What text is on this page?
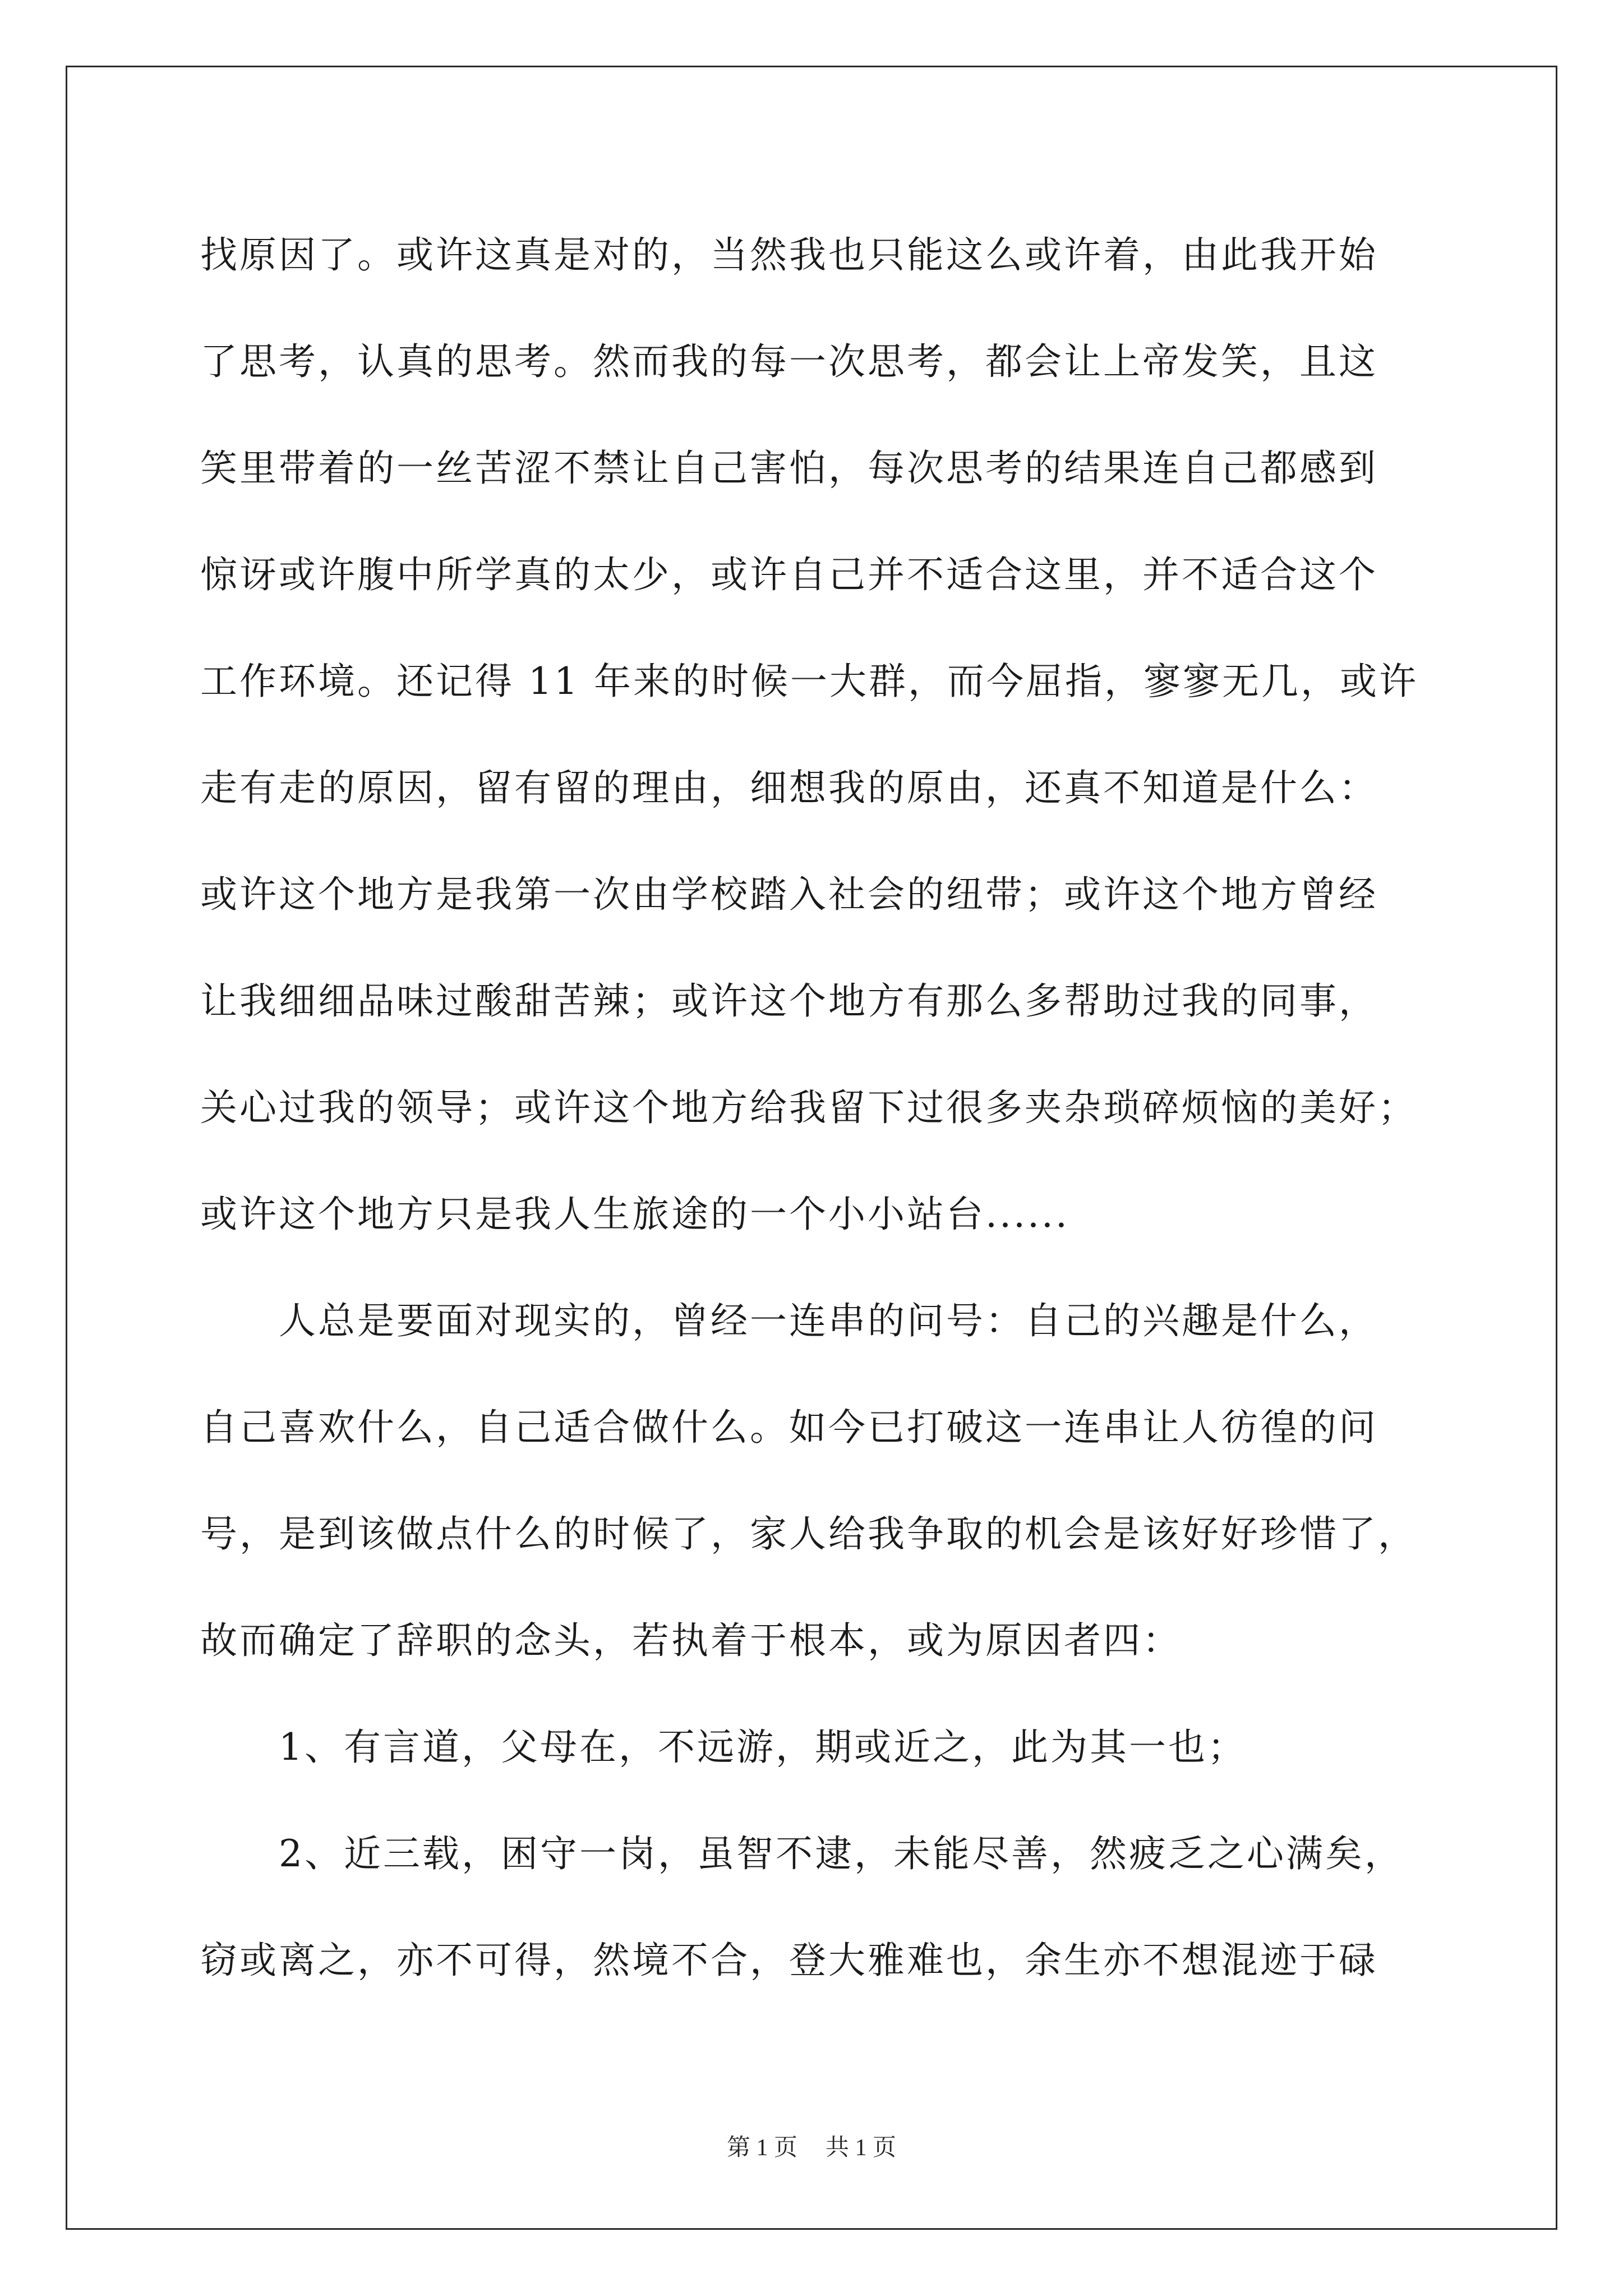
找原因了。或许这真是对的，当然我也只能这么或许着，由此我开始
了思考，认真的思考。然而我的每一次思考，都会让上帝发笑，且这
笑里带着的一丝苦涩不禁让自己害怕，每次思考的结果连自己都感到
惊讶或许腹中所学真的太少，或许自己并不适合这里，并不适合这个
工作环境。还记得 11 年来的时候一大群，而今屈指，寥寥无几，或许
走有走的原因，留有留的理由，细想我的原由，还真不知道是什么：
或许这个地方是我第一次由学校踏入社会的纽带；或许这个地方曾经
让我细细品味过酸甜苦辣；或许这个地方有那么多帮助过我的同事，
关心过我的领导；或许这个地方给我留下过很多夹杂琐碎烦恼的美好；
或许这个地方只是我人生旅途的一个小小站台......
人总是要面对现实的，曾经一连串的问号：自己的兴趣是什么，
自己喜欢什么，自己适合做什么。如今已打破这一连串让人彷徨的问
号，是到该做点什么的时候了，家人给我争取的机会是该好好珍惜了，
故而确定了辞职的念头，若执着于根本，或为原因者四：
1、有言道，父母在，不远游，期或近之，此为其一也；
2、近三载，困守一岗，虽智不逮，未能尽善，然疲乏之心满矣，
窃或离之，亦不可得，然境不合，登大雅难也，余生亦不想混迹于碌
第 1 页 共 1 页
